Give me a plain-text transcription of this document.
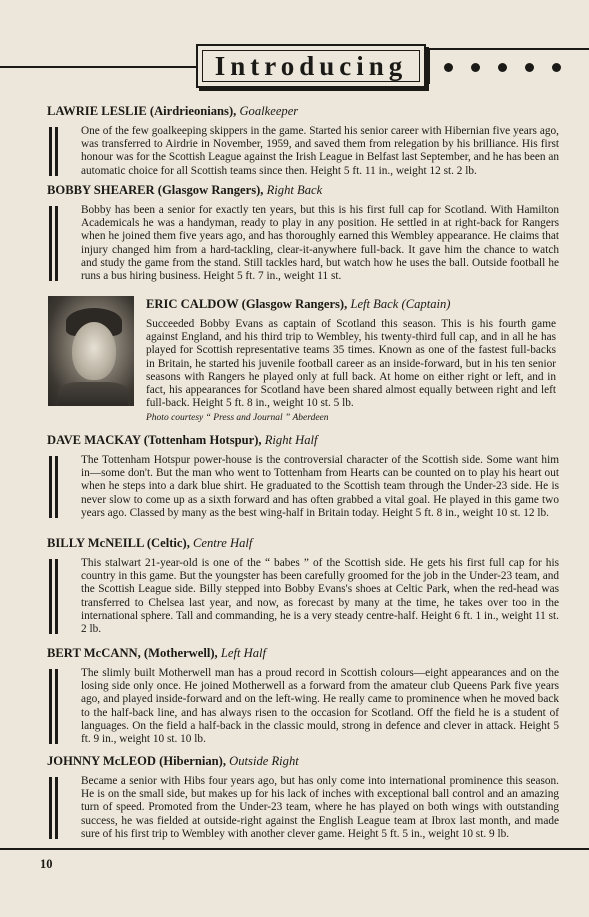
Introducing
LAWRIE LESLIE (Airdrieonians), Goalkeeper

One of the few goalkeeping skippers in the game. Started his senior career with Hibernian five years ago, was transferred to Airdrie in November, 1959, and saved them from relegation by his brilliance. His first honour was for the Scottish League against the Irish League in Belfast last September, and he has been an automatic choice for all Scottish teams since then. Height 5 ft. 11 in., weight 12 st. 2 lb.

BOBBY SHEARER (Glasgow Rangers), Right Back

Bobby has been a senior for exactly ten years, but this is his first full cap for Scotland. With Hamilton Academicals he was a handyman, ready to play in any position. He settled in at right-back for Rangers when he joined them five years ago, and has thoroughly earned this Wembley appearance. He claims that injury changed him from a hard-tackling, clear-it-anywhere full-back. It gave him the chance to watch and study the game from the stand. Still tackles hard, but watch how he uses the ball. Outside football he runs a bus hiring business. Height 5 ft. 7 in., weight 11 st.

ERIC CALDOW (Glasgow Rangers), Left Back (Captain)

Succeeded Bobby Evans as captain of Scotland this season. This is his fourth game against England, and his third trip to Wembley, his twenty-third full cap, and in all he has played for Scottish representative teams 35 times. Known as one of the fastest full-backs in Britain, he started his juvenile football career as an inside-forward, but in his ten senior seasons with Rangers he played only at full back. At home on either right or left, and in fact, his appearances for Scotland have been shared almost equally between right and left full-back. Height 5 ft. 8 in., weight 10 st. 5 lb.

Photo courtesy “ Press and Journal ” Aberdeen
DAVE MACKAY (Tottenham Hotspur), Right Half

The Tottenham Hotspur power-house is the controversial character of the Scottish side. Some want him in—some don't. But the man who went to Tottenham from Hearts can be counted on to play his heart out when he steps into a dark blue shirt. He graduated to the Scottish team through the Under-23 side. He is never slow to come up as a sixth forward and has often grabbed a vital goal. He played in this game two years ago. Classed by many as the best wing-half in Britain today. Height 5 ft. 8 in., weight 10 st. 12 lb.

BILLY McNEILL (Celtic), Centre Half

This stalwart 21-year-old is one of the “ babes ” of the Scottish side. He gets his first full cap for his country in this game. But the youngster has been carefully groomed for the job in the Under-23 team, and the Scottish League side. Billy stepped into Bobby Evans's shoes at Celtic Park, when the red-head was transferred to Chelsea last year, and now, as forecast by many at the time, he takes over too in the international sphere. Tall and commanding, he is a very steady centre-half. Height 6 ft. 1 in., weight 11 st. 2 lb.

BERT McCANN, (Motherwell), Left Half

The slimly built Motherwell man has a proud record in Scottish colours—eight appearances and on the losing side only once. He joined Motherwell as a forward from the amateur club Queens Park five years ago, and played inside-forward and on the left-wing. He really came to prominence when he moved back to the half-back line, and has always risen to the occasion for Scotland. Off the field he is a student of languages. On the field a half-back in the classic mould, strong in defence and clever in attack. Height 5 ft. 9 in., weight 10 st. 10 lb.

JOHNNY McLEOD (Hibernian), Outside Right

Became a senior with Hibs four years ago, but has only come into international prominence this season. He is on the small side, but makes up for his lack of inches with exceptional ball control and an amazing turn of speed. Promoted from the Under-23 team, where he has played on both wings with outstanding success, he was fielded at outside-right against the English League team at Ibrox last month, and made sure of his first trip to Wembley with another clever game. Height 5 ft. 5 in., weight 10 st. 9 lb.

10
